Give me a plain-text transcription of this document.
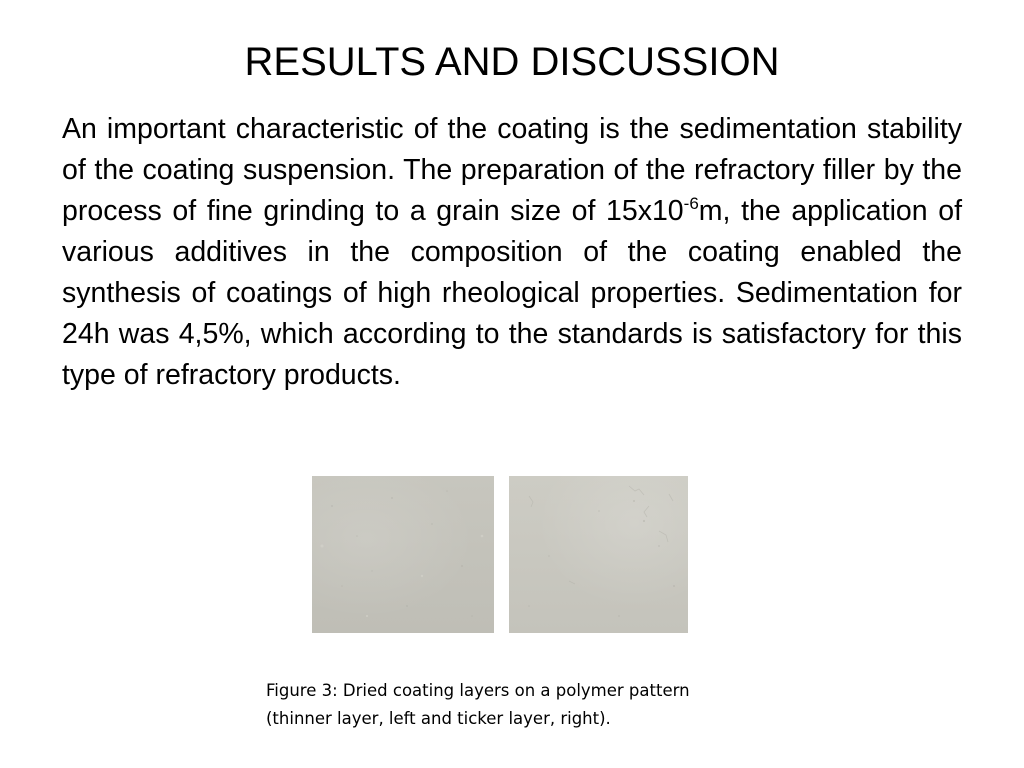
RESULTS AND DISCUSSION

An important characteristic of the coating is the sedimentation stability of the coating suspension. The preparation of the refractory filler by the process of fine grinding to a grain size of $15x10^{-6}m$, the application of various additives in the composition of the coating enabled the synthesis of coatings of high rheological properties. Sedimentation for 24h was 4,5%, which according to the standards is satisfactory for this type of refractory products.

Figure 3: Dried coating layers on a polymer pattern
(thinner layer, left and ticker layer, right).
